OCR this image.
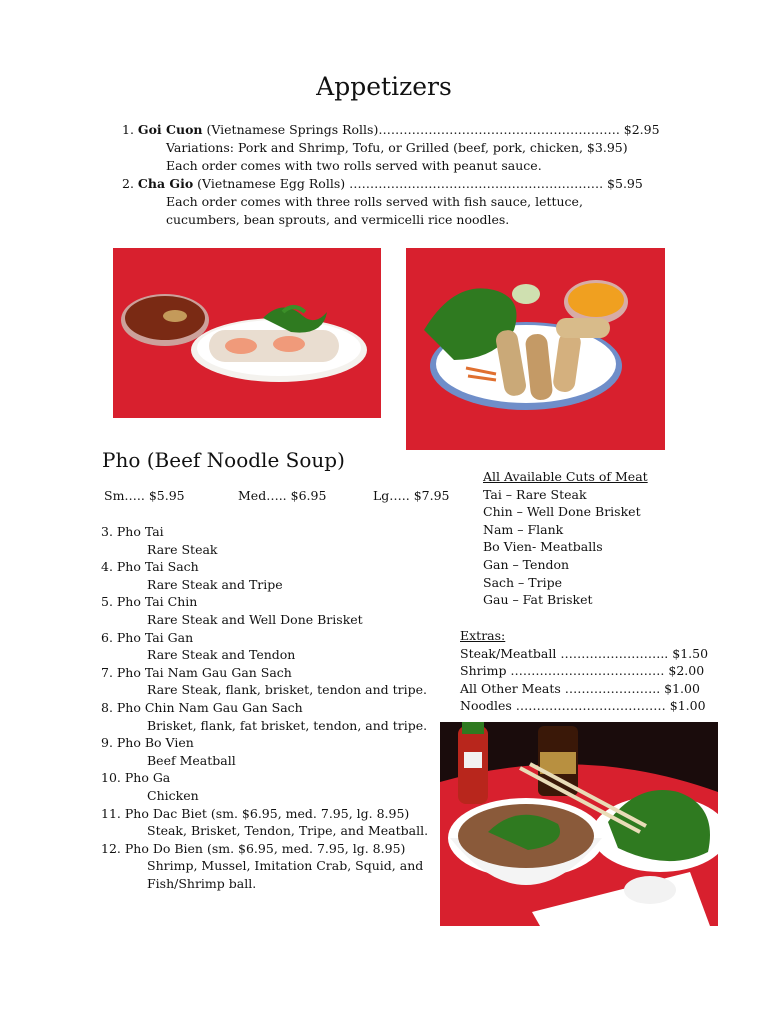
Appetizers
1. Goi Cuon (Vietnamese Springs Rolls)…………………………………………………. $2.95
Variations: Pork and Shrimp, Tofu, or Grilled (beef, pork, chicken, $3.95)
Each order comes with two rolls served with peanut sauce.
2. Cha Gio (Vietnamese Egg Rolls) ……………………………………………………. $5.95
Each order comes with three rolls served with fish sauce, lettuce,
cucumbers, bean sprouts, and vermicelli rice noodles.
Pho (Beef Noodle Soup)
Sm….. $5.95	Med….. $6.95	Lg….. $7.95
3. Pho Tai
Rare Steak
4. Pho Tai Sach
Rare Steak and Tripe
5. Pho Tai Chin
Rare Steak and Well Done Brisket
6. Pho Tai Gan
Rare Steak and Tendon
7. Pho Tai Nam Gau Gan Sach
Rare Steak, flank, brisket, tendon and tripe.
8. Pho Chin Nam Gau Gan Sach
Brisket, flank, fat brisket, tendon, and tripe.
9. Pho Bo Vien
Beef Meatball
10. Pho Ga
Chicken
11. Pho Dac Biet (sm. $6.95, med. 7.95, lg. 8.95)
Steak, Brisket, Tendon, Tripe, and Meatball.
12. Pho Do Bien (sm. $6.95, med. 7.95, lg. 8.95)
Shrimp, Mussel, Imitation Crab, Squid, and
Fish/Shrimp ball.
All Available Cuts of Meat
Tai – Rare Steak
Chin – Well Done Brisket
Nam – Flank
Bo Vien- Meatballs
Gan – Tendon
Sach – Tripe
Gau – Fat Brisket
Extras:
Steak/Meatball …………………….. $1.50
Shrimp ………………………………. $2.00
All Other Meats ………………….. $1.00
Noodles ……………………………… $1.00
